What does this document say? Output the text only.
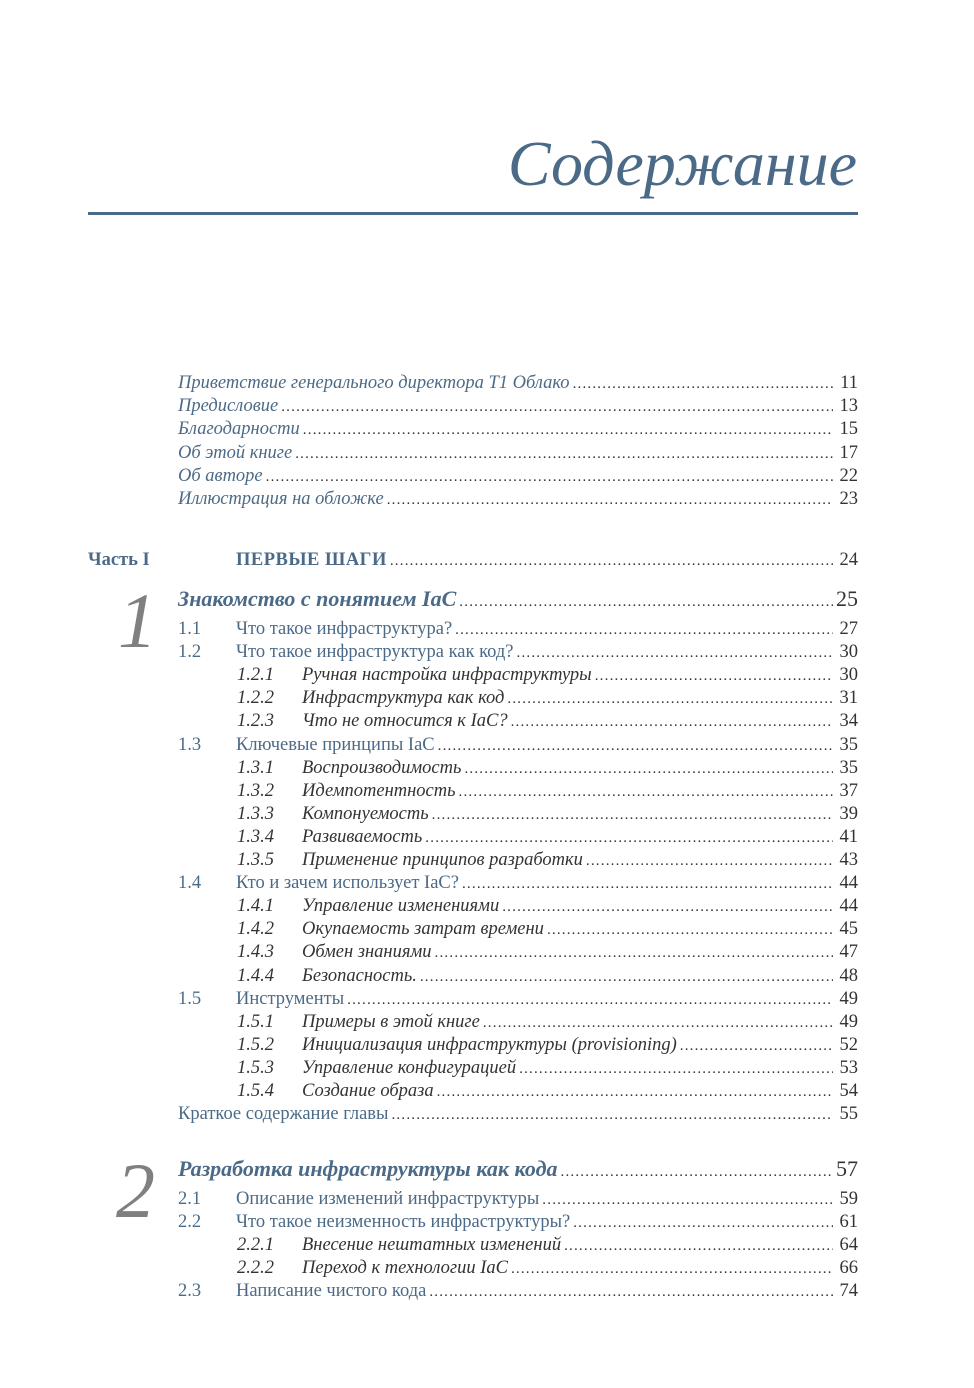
Содержание
Приветствие генерального директора Т1 Облако .....	11
Предисловие .....	13
Благодарности .....	15
Об этой книге .....	17
Об авторе .....	22
Иллюстрация на обложке .....	23
Часть I	ПЕРВЫЕ ШАГИ .....	24
1 Знакомство с понятием IaC .....	25
1.1	Что такое инфраструктура? .....	27
1.2	Что такое инфраструктура как код? .....	30
1.2.1	Ручная настройка инфраструктуры .....	30
1.2.2	Инфраструктура как код .....	31
1.2.3	Что не относится к IaC? .....	34
1.3	Ключевые принципы IaC .....	35
1.3.1	Воспроизводимость .....	35
1.3.2	Идемпотентность .....	37
1.3.3	Компонуемость .....	39
1.3.4	Развиваемость .....	41
1.3.5	Применение принципов разработки .....	43
1.4	Кто и зачем использует IaC? .....	44
1.4.1	Управление изменениями .....	44
1.4.2	Окупаемость затрат времени .....	45
1.4.3	Обмен знаниями .....	47
1.4.4	Безопасность. .....	48
1.5	Инструменты .....	49
1.5.1	Примеры в этой книге .....	49
1.5.2	Инициализация инфраструктуры (provisioning) .....	52
1.5.3	Управление конфигурацией .....	53
1.5.4	Создание образа .....	54
Краткое содержание главы .....	55
2 Разработка инфраструктуры как кода .....	57
2.1	Описание изменений инфраструктуры .....	59
2.2	Что такое неизменность инфраструктуры? .....	61
2.2.1	Внесение нештатных изменений .....	64
2.2.2	Переход к технологии IaC .....	66
2.3	Написание чистого кода .....	74
